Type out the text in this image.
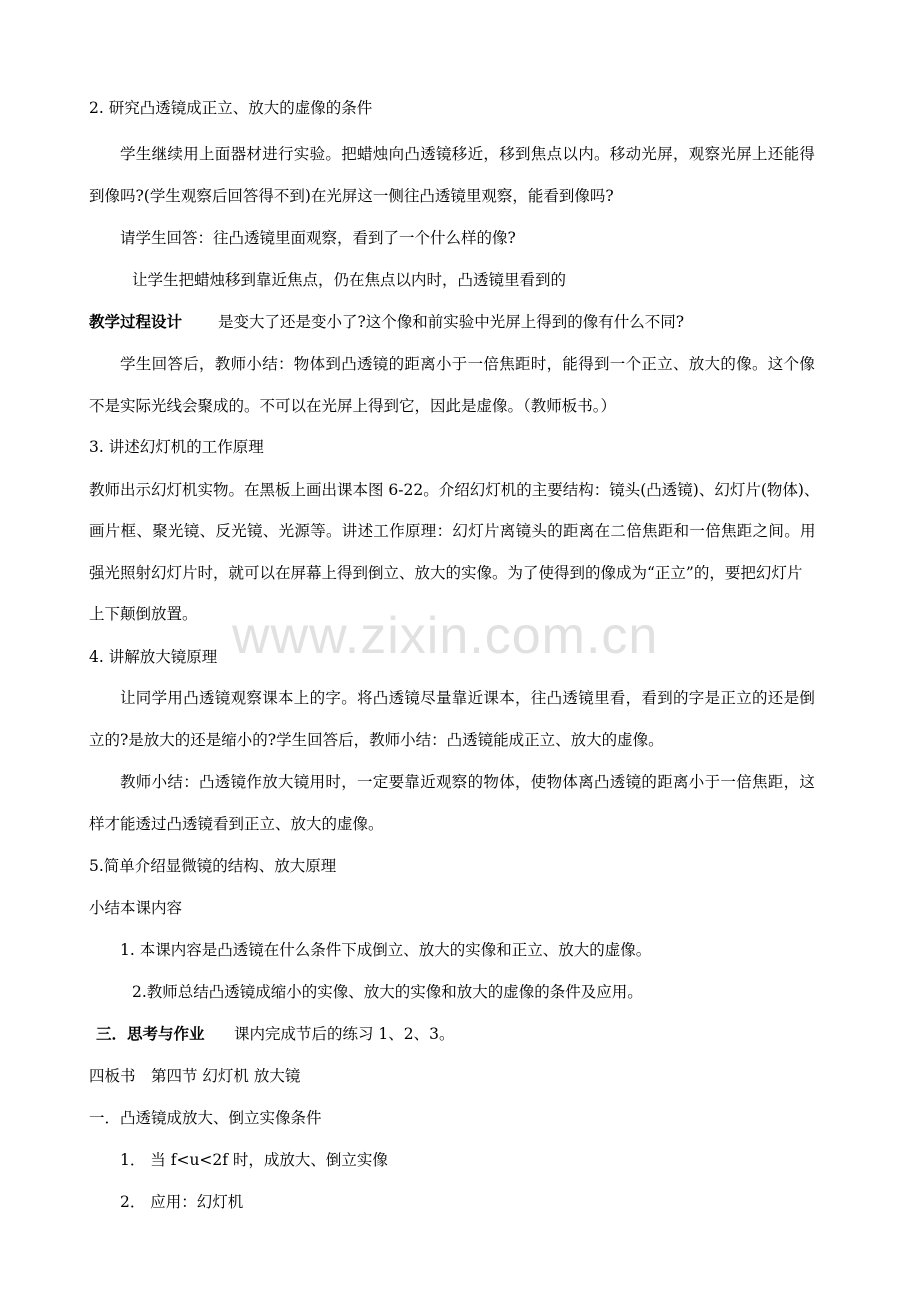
www.zixin.com.cn
2. 研究凸透镜成正立、放大的虚像的条件
学生继续用上面器材进行实验。把蜡烛向凸透镜移近，移到焦点以内。移动光屏，观察光屏上还能得
到像吗?(学生观察后回答得不到)在光屏这一侧往凸透镜里观察，能看到像吗?
请学生回答：往凸透镜里面观察，看到了一个什么样的像?
让学生把蜡烛移到靠近焦点，仍在焦点以内时，凸透镜里看到的
教学过程设计 是变大了还是变小了?这个像和前实验中光屏上得到的像有什么不同?
学生回答后，教师小结：物体到凸透镜的距离小于一倍焦距时，能得到一个正立、放大的像。这个像
不是实际光线会聚成的。不可以在光屏上得到它，因此是虚像。（教师板书。）
3. 讲述幻灯机的工作原理
教师出示幻灯机实物。在黑板上画出课本图 6-22。介绍幻灯机的主要结构：镜头(凸透镜)、幻灯片(物体)、
画片框、聚光镜、反光镜、光源等。讲述工作原理：幻灯片离镜头的距离在二倍焦距和一倍焦距之间。用
强光照射幻灯片时，就可以在屏幕上得到倒立、放大的实像。为了使得到的像成为“正立”的，要把幻灯片
上下颠倒放置。
4. 讲解放大镜原理
让同学用凸透镜观察课本上的字。将凸透镜尽量靠近课本，往凸透镜里看，看到的字是正立的还是倒
立的?是放大的还是缩小的?学生回答后，教师小结：凸透镜能成正立、放大的虚像。
教师小结：凸透镜作放大镜用时，一定要靠近观察的物体，使物体离凸透镜的距离小于一倍焦距，这
样才能透过凸透镜看到正立、放大的虚像。
5.简单介绍显微镜的结构、放大原理
小结本课内容
1. 本课内容是凸透镜在什么条件下成倒立、放大的实像和正立、放大的虚像。
2.教师总结凸透镜成缩小的实像、放大的实像和放大的虚像的条件及应用。
三．思考与作业 课内完成节后的练习 1、2、3。
四板书　第四节 幻灯机 放大镜
一．凸透镜成放大、倒立实像条件
1． 当 f<u<2f 时，成放大、倒立实像
2． 应用：幻灯机
